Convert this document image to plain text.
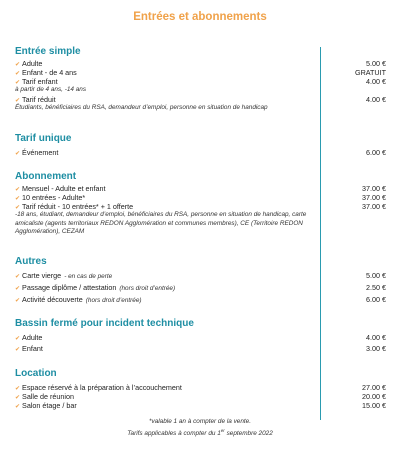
Entrées et abonnements
Entrée simple
✔ Adulte	5.00 €
✔ Enfant - de 4 ans	GRATUIT
✔ Tarif enfant	4.00 €
à partir de 4 ans, -14 ans
✔ Tarif réduit	4.00 €
Étudiants, bénéficiaires du RSA, demandeur d’emploi, personne en situation de handicap
Tarif unique
✔ Événement	6.00 €
Abonnement
✔ Mensuel - Adulte et enfant	37.00 €
✔ 10 entrées - Adulte*	37.00 €
✔ Tarif réduit - 10 entrées* + 1 offerte	37.00 €
-18 ans, étudiant, demandeur d’emploi, bénéficiaires du RSA, personne en situation de handicap, carte amicaliste (agents territoriaux REDON Agglomération et communes membres), CE (Territoire REDON Agglomération), CEZAM
Autres
✔ Carte vierge - en cas de perte	5.00 €
✔ Passage diplôme / attestation (hors droit d’entrée)	2.50 €
✔ Activité découverte (hors droit d’entrée)	6.00 €
Bassin fermé pour incident technique
✔ Adulte	4.00 €
✔ Enfant	3.00 €
Location
✔ Espace réservé à la préparation à l’accouchement	27.00 €
✔ Salle de réunion	20.00 €
✔ Salon étage / bar	15.00 €
*valable 1 an à compter de la vente.
Tarifs applicables à compter du 1er septembre 2022
